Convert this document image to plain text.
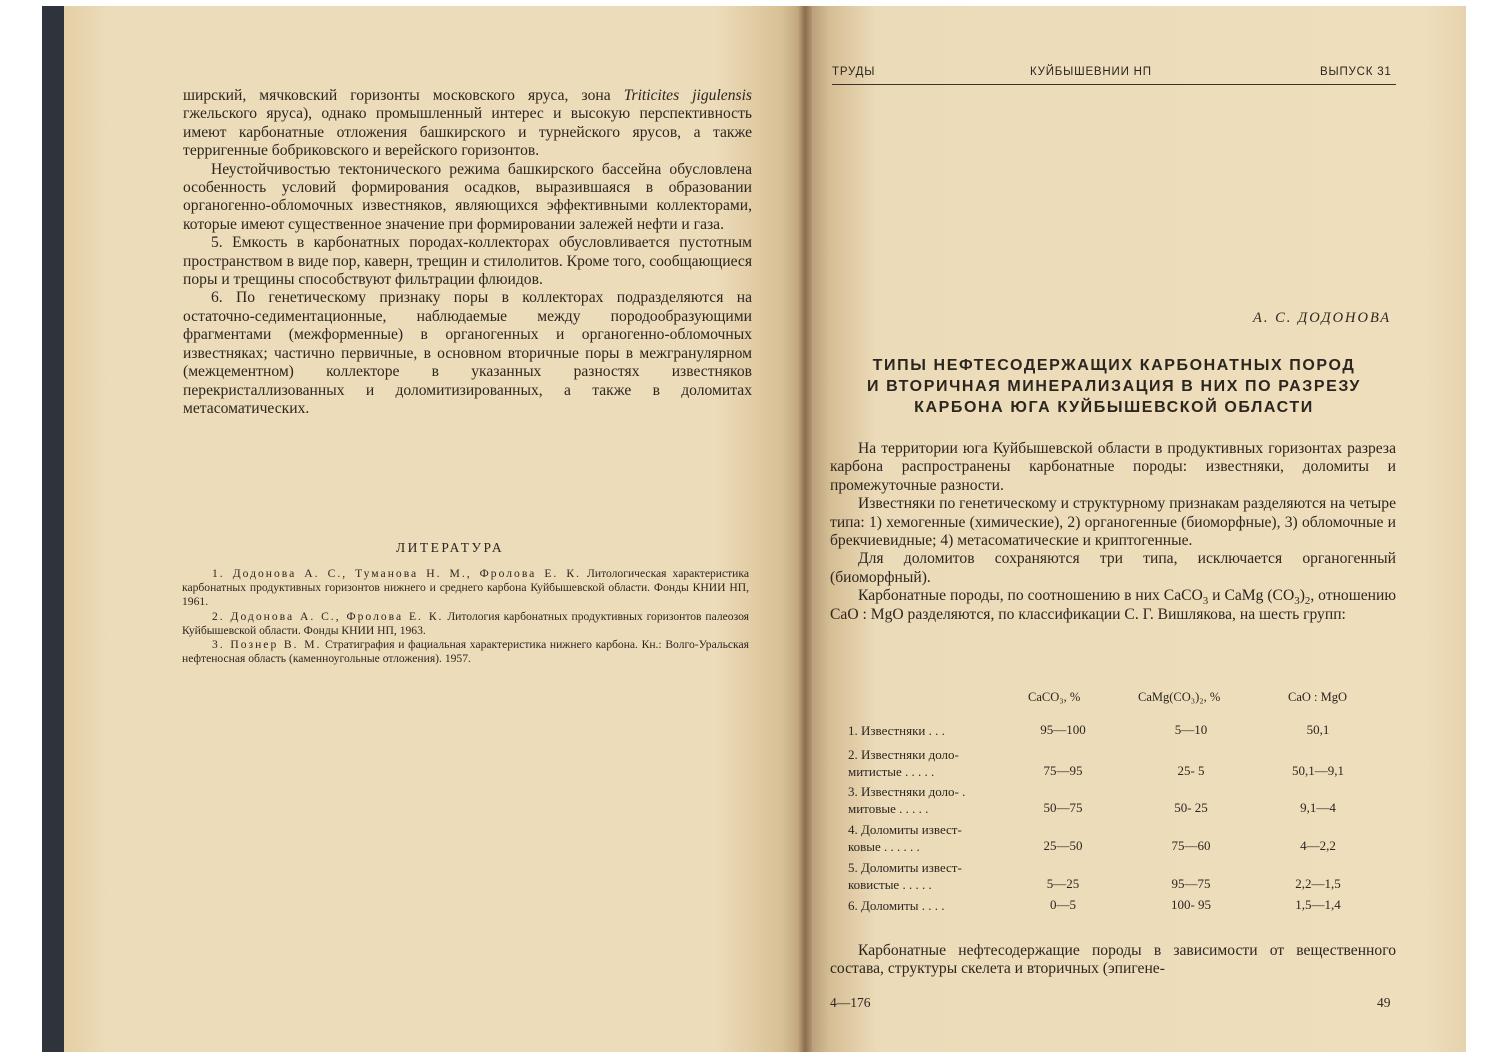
ширский, мячковский горизонты московского яруса, зона Triticites jigulensis гжельского яруса), однако промышленный интерес и высокую перспективность имеют карбонатные отложения башкирского и турнейского ярусов, а также терригенные бобриковского и верейского горизонтов.

Неустойчивостью тектонического режима башкирского бассейна обусловлена особенность условий формирования осадков, выразившаяся в образовании органогенно-обломочных известняков, являющихся эффективными коллекторами, которые имеют существенное значение при формировании залежей нефти и газа.

5. Емкость в карбонатных породах-коллекторах обусловливается пустотным пространством в виде пор, каверн, трещин и стилолитов. Кроме того, сообщающиеся поры и трещины способствуют фильтрации флюидов.

6. По генетическому признаку поры в коллекторах подразделяются на остаточно-седиментационные, наблюдаемые между породообразующими фрагментами (межформенные) в органогенных и органогенно-обломочных известняках; частично первичные, в основном вторичные поры в межгранулярном (межцементном) коллекторе в указанных разностях известняков перекристаллизованных и доломитизированных, а также в доломитах метасоматических.

ЛИТЕРАТУРА

1. Додонова А. С., Туманова Н. М., Фролова Е. К. Литологическая характеристика карбонатных продуктивных горизонтов нижнего и среднего карбона Куйбышевской области. Фонды КНИИ НП, 1961.

2. Додонова А. С., Фролова Е. К. Литология карбонатных продуктивных горизонтов палеозоя Куйбышевской области. Фонды КНИИ НП, 1963.

3. Познер В. М. Стратиграфия и фациальная характеристика нижнего карбона. Кн.: Волго-Уральская нефтеносная область (каменноугольные отложения). 1957.

ТРУДЫ	КУЙБЫШЕВНИИ НП	ВЫПУСК 31
А. С. ДОДОНОВА
ТИПЫ НЕФТЕСОДЕРЖАЩИХ КАРБОНАТНЫХ ПОРОД
И ВТОРИЧНАЯ МИНЕРАЛИЗАЦИЯ В НИХ ПО РАЗРЕЗУ
КАРБОНА ЮГА КУЙБЫШЕВСКОЙ ОБЛАСТИ

На территории юга Куйбышевской области в продуктивных горизонтах разреза карбона распространены карбонатные породы: известняки, доломиты и промежуточные разности.

Известняки по генетическому и структурному признакам разделяются на четыре типа: 1) хемогенные (химические), 2) органогенные (биоморфные), 3) обломочные и брекчиевидные; 4) метасоматические и криптогенные.

Для доломитов сохраняются три типа, исключается органогенный (биоморфный).

Карбонатные породы, по соотношению в них CaCO$_3$ и CaMg $(CO_3)_2$, отношению CaO : MgO разделяются, по классификации С. Г. Вишлякова, на шесть групп:

CaCO₃, %	CaMg(CO₃)₂, %	CaO : MgO
1. Известняки . . .	95—100	5—10	50,1
2. Известняки доло-
митистые . . . . .	75—95	25- 5	50,1—9,1
3. Известняки доло- .
митовые . . . . .	50—75	50- 25	9,1—4
4. Доломиты извест-
ковые . . . . . .	25—50	75—60	4—2,2
5. Доломиты извест-
ковистые . . . . .	5—25	95—75	2,2—1,5
6. Доломиты . . . .	0—5	100- 95	1,5—1,4

Карбонатные нефтесодержащие породы в зависимости от вещественного состава, структуры скелета и вторичных (эпигене-

4—176	49
